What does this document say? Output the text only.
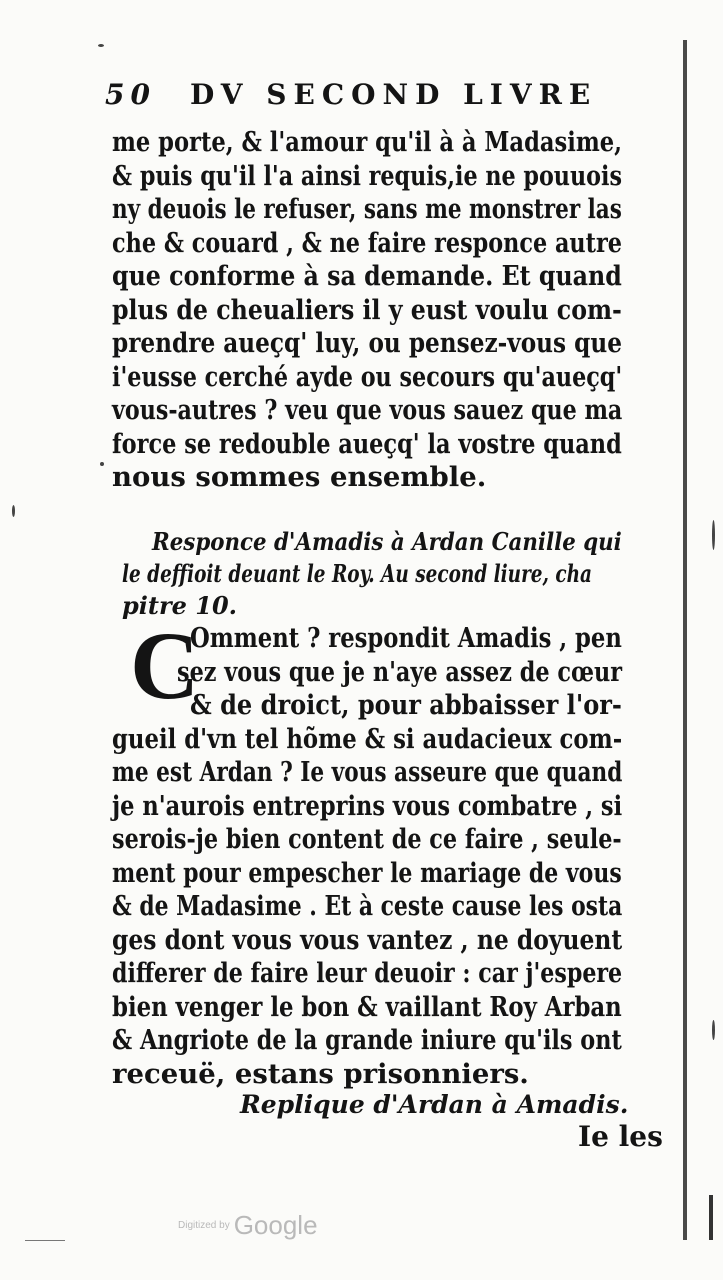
50 DV SECOND LIVRE
me porte, & l'amour qu'il à à Madasime,
& puis qu'il l'a ainsi requis,ie ne pouuois
ny deuois le refuser, sans me monstrer las
che & couard , & ne faire responce autre
que conforme à sa demande. Et quand
plus de cheualiers il y eust voulu com-
prendre aueçq' luy, ou pensez-vous que
i'eusse cerché ayde ou secours qu'aueçq'
vous-autres ? veu que vous sauez que ma
force se redouble aueçq' la vostre quand
nous sommes ensemble.
Responce d'Amadis à Ardan Canille qui
le deffioit deuant le Roy. Au second liure, cha
pitre 10.
C
Omment ? respondit Amadis , pen
sez vous que je n'aye assez de cœur
& de droict, pour abbaisser l'or-
gueil d'vn tel hõme & si audacieux com-
me est Ardan ? Ie vous asseure que quand
je n'aurois entreprins vous combatre , si
serois-je bien content de ce faire , seule-
ment pour empescher le mariage de vous
& de Madasime . Et à ceste cause les osta
ges dont vous vous vantez , ne doyuent
differer de faire leur deuoir : car j'espere
bien venger le bon & vaillant Roy Arban
& Angriote de la grande iniure qu'ils ont
receuë, estans prisonniers.
Replique d'Ardan à Amadis.
Ie les
Digitized by Google
